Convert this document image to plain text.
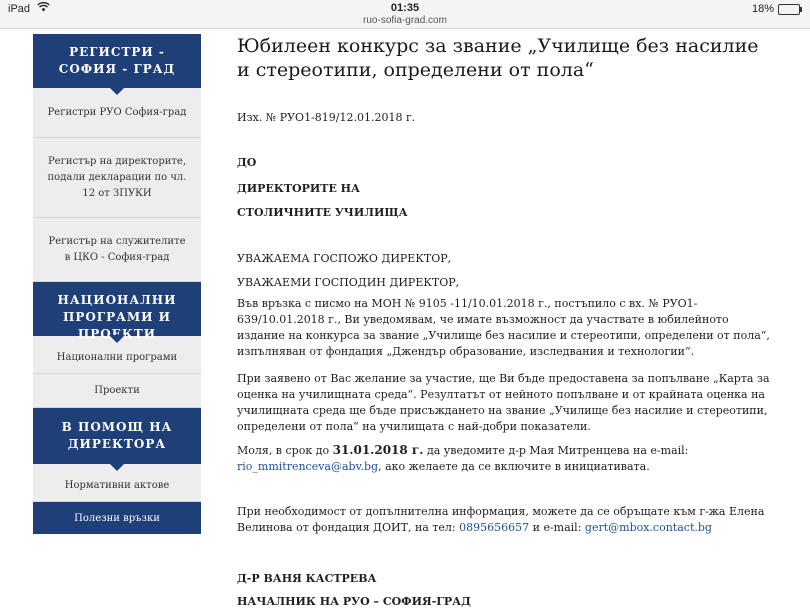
iPad	01:35
ruo-sofia-grad.com
18%
РЕГИСТРИ - СОФИЯ - ГРАД
Регистри РУО София-град
Регистър на директорите, подали декларации по чл. 12 от ЗПУКИ
Регистър на служителите в ЦКО - София-град
НАЦИОНАЛНИ ПРОГРАМИ И ПРОЕКТИ
Национални програми
Проекти
В ПОМОЩ НА ДИРЕКТОРА
Нормативни актове
Полезни връзки
Юбилеен конкурс за звание „Училище без насилие
и стереотипи, определени от пола“
Изх. № РУО1-819/12.01.2018 г.
ДО
ДИРЕКТОРИТЕ НА
СТОЛИЧНИТЕ УЧИЛИЩА
УВАЖАЕМА ГОСПОЖО ДИРЕКТОР,
УВАЖАЕМИ ГОСПОДИН ДИРЕКТОР,
Във връзка с писмо на МОН № 9105 -11/10.01.2018 г., постъпило с вх. № РУО1-
639/10.01.2018 г., Ви уведомявам, че имате възможност да участвате в юбилейното
издание на конкурса за звание „Училище без насилие и стереотипи, определени от пола“,
изпълнявaн от фондация „Джендър образование, изследвания и технологии“.
При заявено от Вас желание за участие, ще Ви бъде предоставена за попълване „Карта за
оценка на училищната среда“. Резултатът от нейното попълване и от крайната оценка на
училищната среда ще бъде присъждането на звание „Училище без насилие и стереотипи,
определени от пола“ на училищата с най-добри показатели.
Моля, в срок до 31.01.2018 г. да уведомите д-р Мая Митренцева на e-mail:
rio_mmitrenceva@abv.bg, ако желаете да се включите в инициативата.
При необходимост от допълнителна информация, можете да се обръщате към г-жа Елена
Велинова от фондация ДОИТ, на тел: 0895656657 и e-mail: gert@mbox.contact.bg
Д-Р ВАНЯ КАСТРЕВА
НАЧАЛНИК НА РУО – СОФИЯ-ГРАД
